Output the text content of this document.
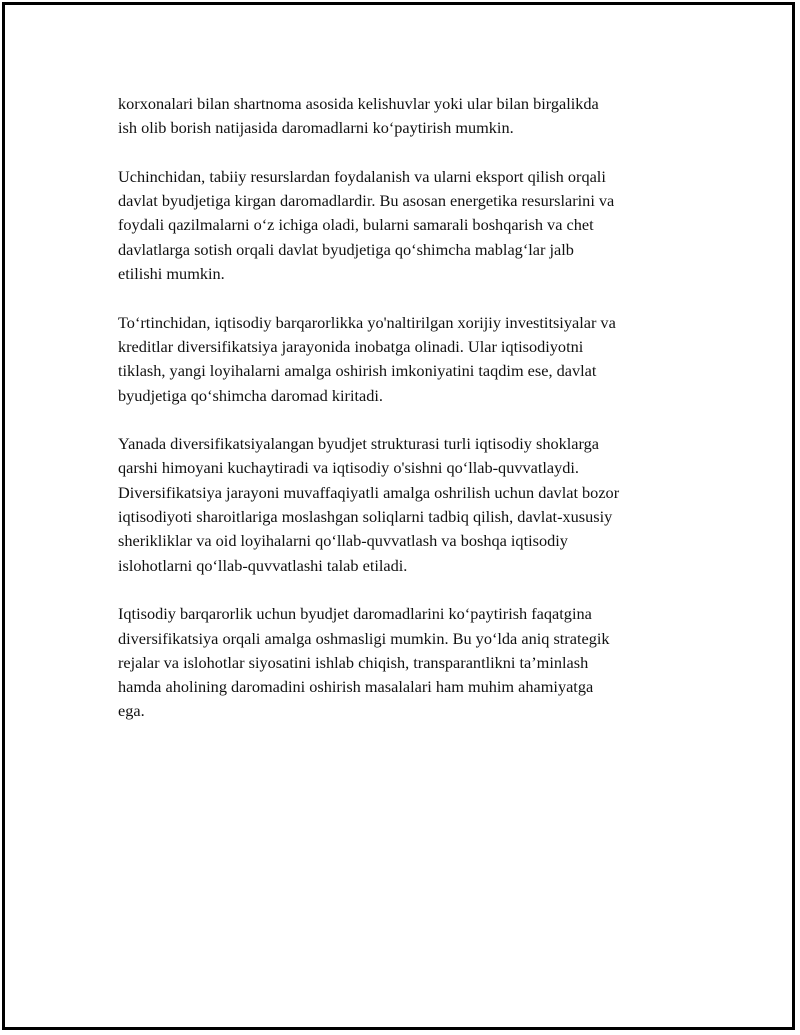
korxonalari bilan shartnoma asosida kelishuvlar yoki ular bilan birgalikda
ish olib borish natijasida daromadlarni ko‘paytirish mumkin.

Uchinchidan, tabiiy resurslardan foydalanish va ularni eksport qilish orqali
davlat byudjetiga kirgan daromadlardir. Bu asosan energetika resurslarini va
foydali qazilmalarni o‘z ichiga oladi, bularni samarali boshqarish va chet
davlatlarga sotish orqali davlat byudjetiga qo‘shimcha mablag‘lar jalb
etilishi mumkin.

To‘rtinchidan, iqtisodiy barqarorlikka yo'naltirilgan xorijiy investitsiyalar va
kreditlar diversifikatsiya jarayonida inobatga olinadi. Ular iqtisodiyotni
tiklash, yangi loyihalarni amalga oshirish imkoniyatini taqdim ese, davlat
byudjetiga qo‘shimcha daromad kiritadi.

Yanada diversifikatsiyalangan byudjet strukturasi turli iqtisodiy shoklarga
qarshi himoyani kuchaytiradi va iqtisodiy o'sishni qo‘llab-quvvatlaydi.
Diversifikatsiya jarayoni muvaffaqiyatli amalga oshrilish uchun davlat bozor
iqtisodiyoti sharoitlariga moslashgan soliqlarni tadbiq qilish, davlat-xususiy
sherikliklar va oid loyihalarni qo‘llab-quvvatlash va boshqa iqtisodiy
islohotlarni qo‘llab-quvvatlashi talab etiladi.

Iqtisodiy barqarorlik uchun byudjet daromadlarini ko‘paytirish faqatgina
diversifikatsiya orqali amalga oshmasligi mumkin. Bu yo‘lda aniq strategik
rejalar va islohotlar siyosatini ishlab chiqish, transparantlikni ta’minlash
hamda aholining daromadini oshirish masalalari ham muhim ahamiyatga
ega.
